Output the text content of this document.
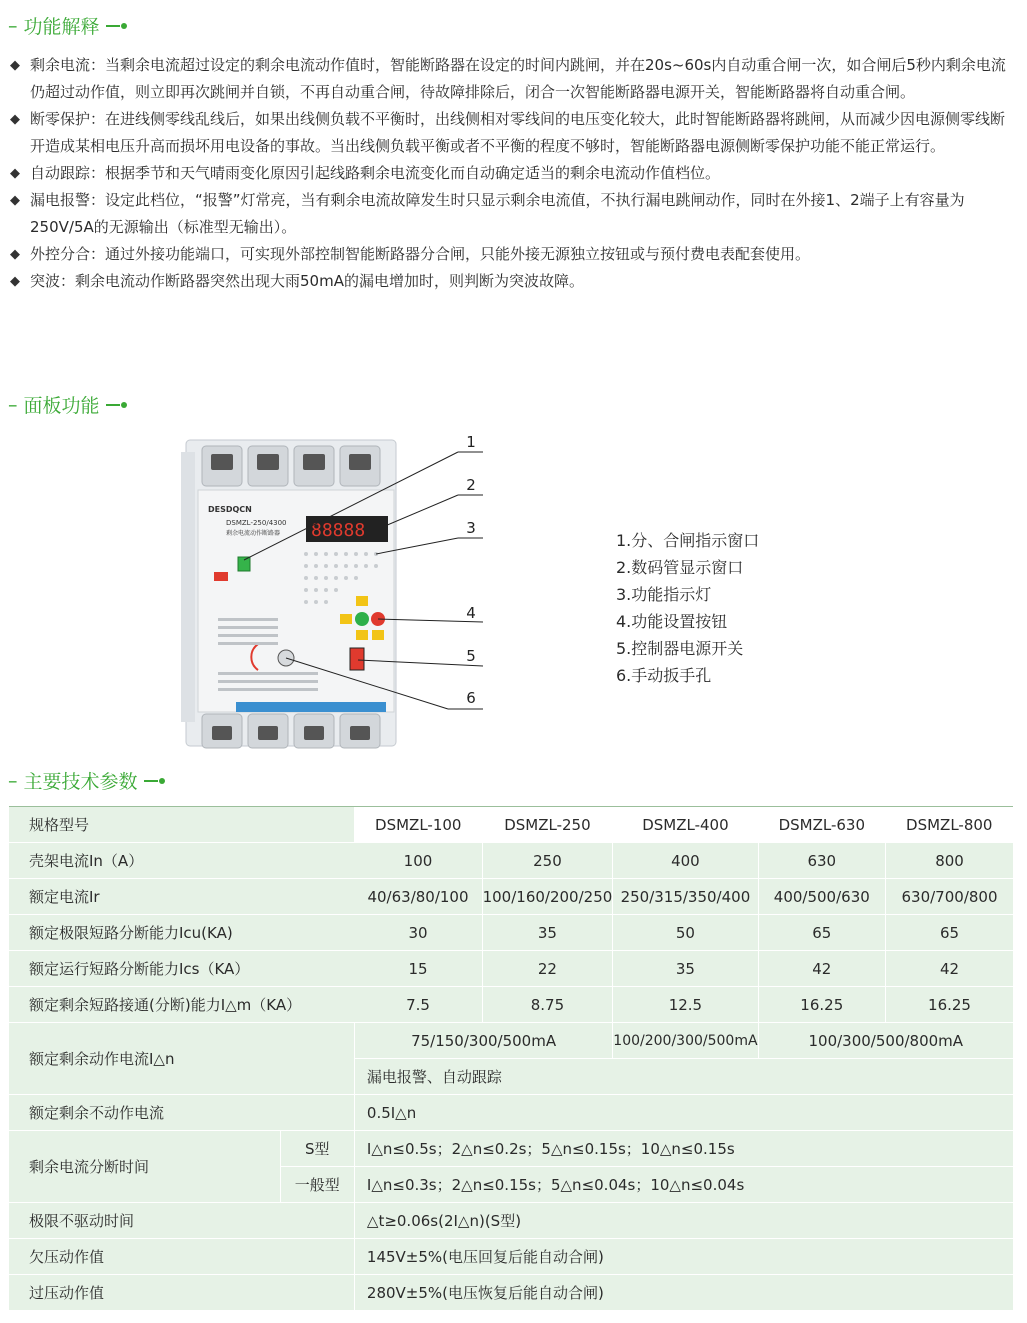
– 功能解释

◆ 剩余电流：当剩余电流超过设定的剩余电流动作值时，智能断路器在设定的时间内跳闸，并在20s~60s内自动重合闸一次，如合闸后5秒内剩余电流仍超过动作值，则立即再次跳闸并自锁，不再自动重合闸，待故障排除后，闭合一次智能断路器电源开关，智能断路器将自动重合闸。

◆ 断零保护：在进线侧零线乱线后，如果出线侧负载不平衡时，出线侧相对零线间的电压变化较大，此时智能断路器将跳闸，从而减少因电源侧零线断开造成某相电压升高而损坏用电设备的事故。当出线侧负载平衡或者不平衡的程度不够时，智能断路器电源侧断零保护功能不能正常运行。

◆ 自动跟踪：根据季节和天气晴雨变化原因引起线路剩余电流变化而自动确定适当的剩余电流动作值档位。

◆ 漏电报警：设定此档位，“报警”灯常亮，当有剩余电流故障发生时只显示剩余电流值，不执行漏电跳闸动作，同时在外接1、2端子上有容量为250V/5A的无源输出（标准型无输出）。

◆ 外控分合：通过外接功能端口，可实现外部控制智能断路器分合闸，只能外接无源独立按钮或与预付费电表配套使用。

◆ 突波：剩余电流动作断路器突然出现大雨50mA的漏电增加时，则判断为突波故障。

– 面板功能
DESDQCN
DSMZL-250/4300
剩余电流动作断路器 88888
1
2
3
4
5
6
1.分、合闸指示窗口
2.数码管显示窗口
3.功能指示灯
4.功能设置按钮
5.控制器电源开关
6.手动扳手孔
– 主要技术参数
规格型号		DSMZL-100	DSMZL-250	DSMZL-400	DSMZL-630	DSMZL-800
壳架电流In（A）		100	250	400	630	800
额定电流Ir		40/63/80/100	100/160/200/250	250/315/350/400	400/500/630	630/700/800
额定极限短路分断能力Icu(KA)		30	35	50	65	65
额定运行短路分断能力Ics（KA）		15	22	35	42	42
额定剩余短路接通(分断)能力I△m（KA）		7.5	8.75	12.5	16.25	16.25
额定剩余动作电流I△n		75/150/300/500mA		100/200/300/500mA	100/300/500/800mA	
		漏电报警、自动跟踪				
额定剩余不动作电流		0.5I△n				
剩余电流分断时间	S型	I△n≤0.5s；2△n≤0.2s；5△n≤0.15s；10△n≤0.15s				
	一般型	I△n≤0.3s；2△n≤0.15s；5△n≤0.04s；10△n≤0.04s				
极限不驱动时间		△t≥0.06s(2I△n)(S型)				
欠压动作值		145V±5%(电压回复后能自动合闸)				
过压动作值		280V±5%(电压恢复后能自动合闸)				
